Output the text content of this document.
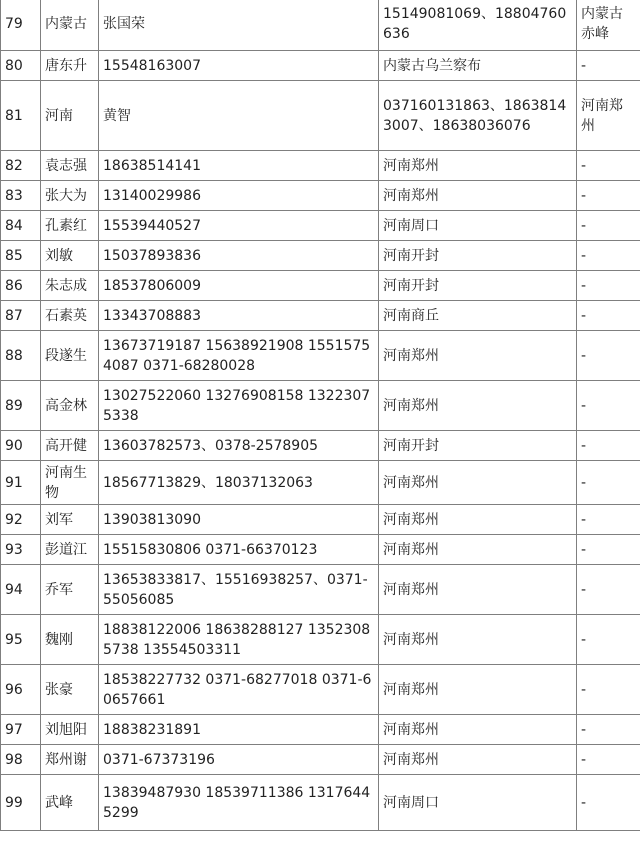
79	内蒙古	张国荣	15149081069、18804760636	内蒙古赤峰
80	唐东升	15548163007	内蒙古乌兰察布	-
81	河南	黄智	037160131863、18638143007、18638036076	河南郑州
82	袁志强	18638514141	河南郑州	-
83	张大为	13140029986	河南郑州	-
84	孔素红	15539440527	河南周口	-
85	刘敏	15037893836	河南开封	-
86	朱志成	18537806009	河南开封	-
87	石素英	13343708883	河南商丘	-
88	段遂生	13673719187 15638921908 15515754087 0371-68280028	河南郑州	-
89	高金林	13027522060 13276908158 13223075338	河南郑州	-
90	高开健	13603782573、0378-2578905	河南开封	-
91	河南生物	18567713829、18037132063	河南郑州	-
92	刘军	13903813090	河南郑州	-
93	彭道江	15515830806 0371-66370123	河南郑州	-
94	乔军	13653833817、15516938257、0371-55056085	河南郑州	-
95	魏刚	18838122006 18638288127 13523085738 13554503311	河南郑州	-
96	张豪	18538227732 0371-68277018 0371-60657661	河南郑州	-
97	刘旭阳	18838231891	河南郑州	-
98	郑州谢	0371-67373196	河南郑州	-
99	武峰	13839487930 18539711386 13176445299	河南周口	-
